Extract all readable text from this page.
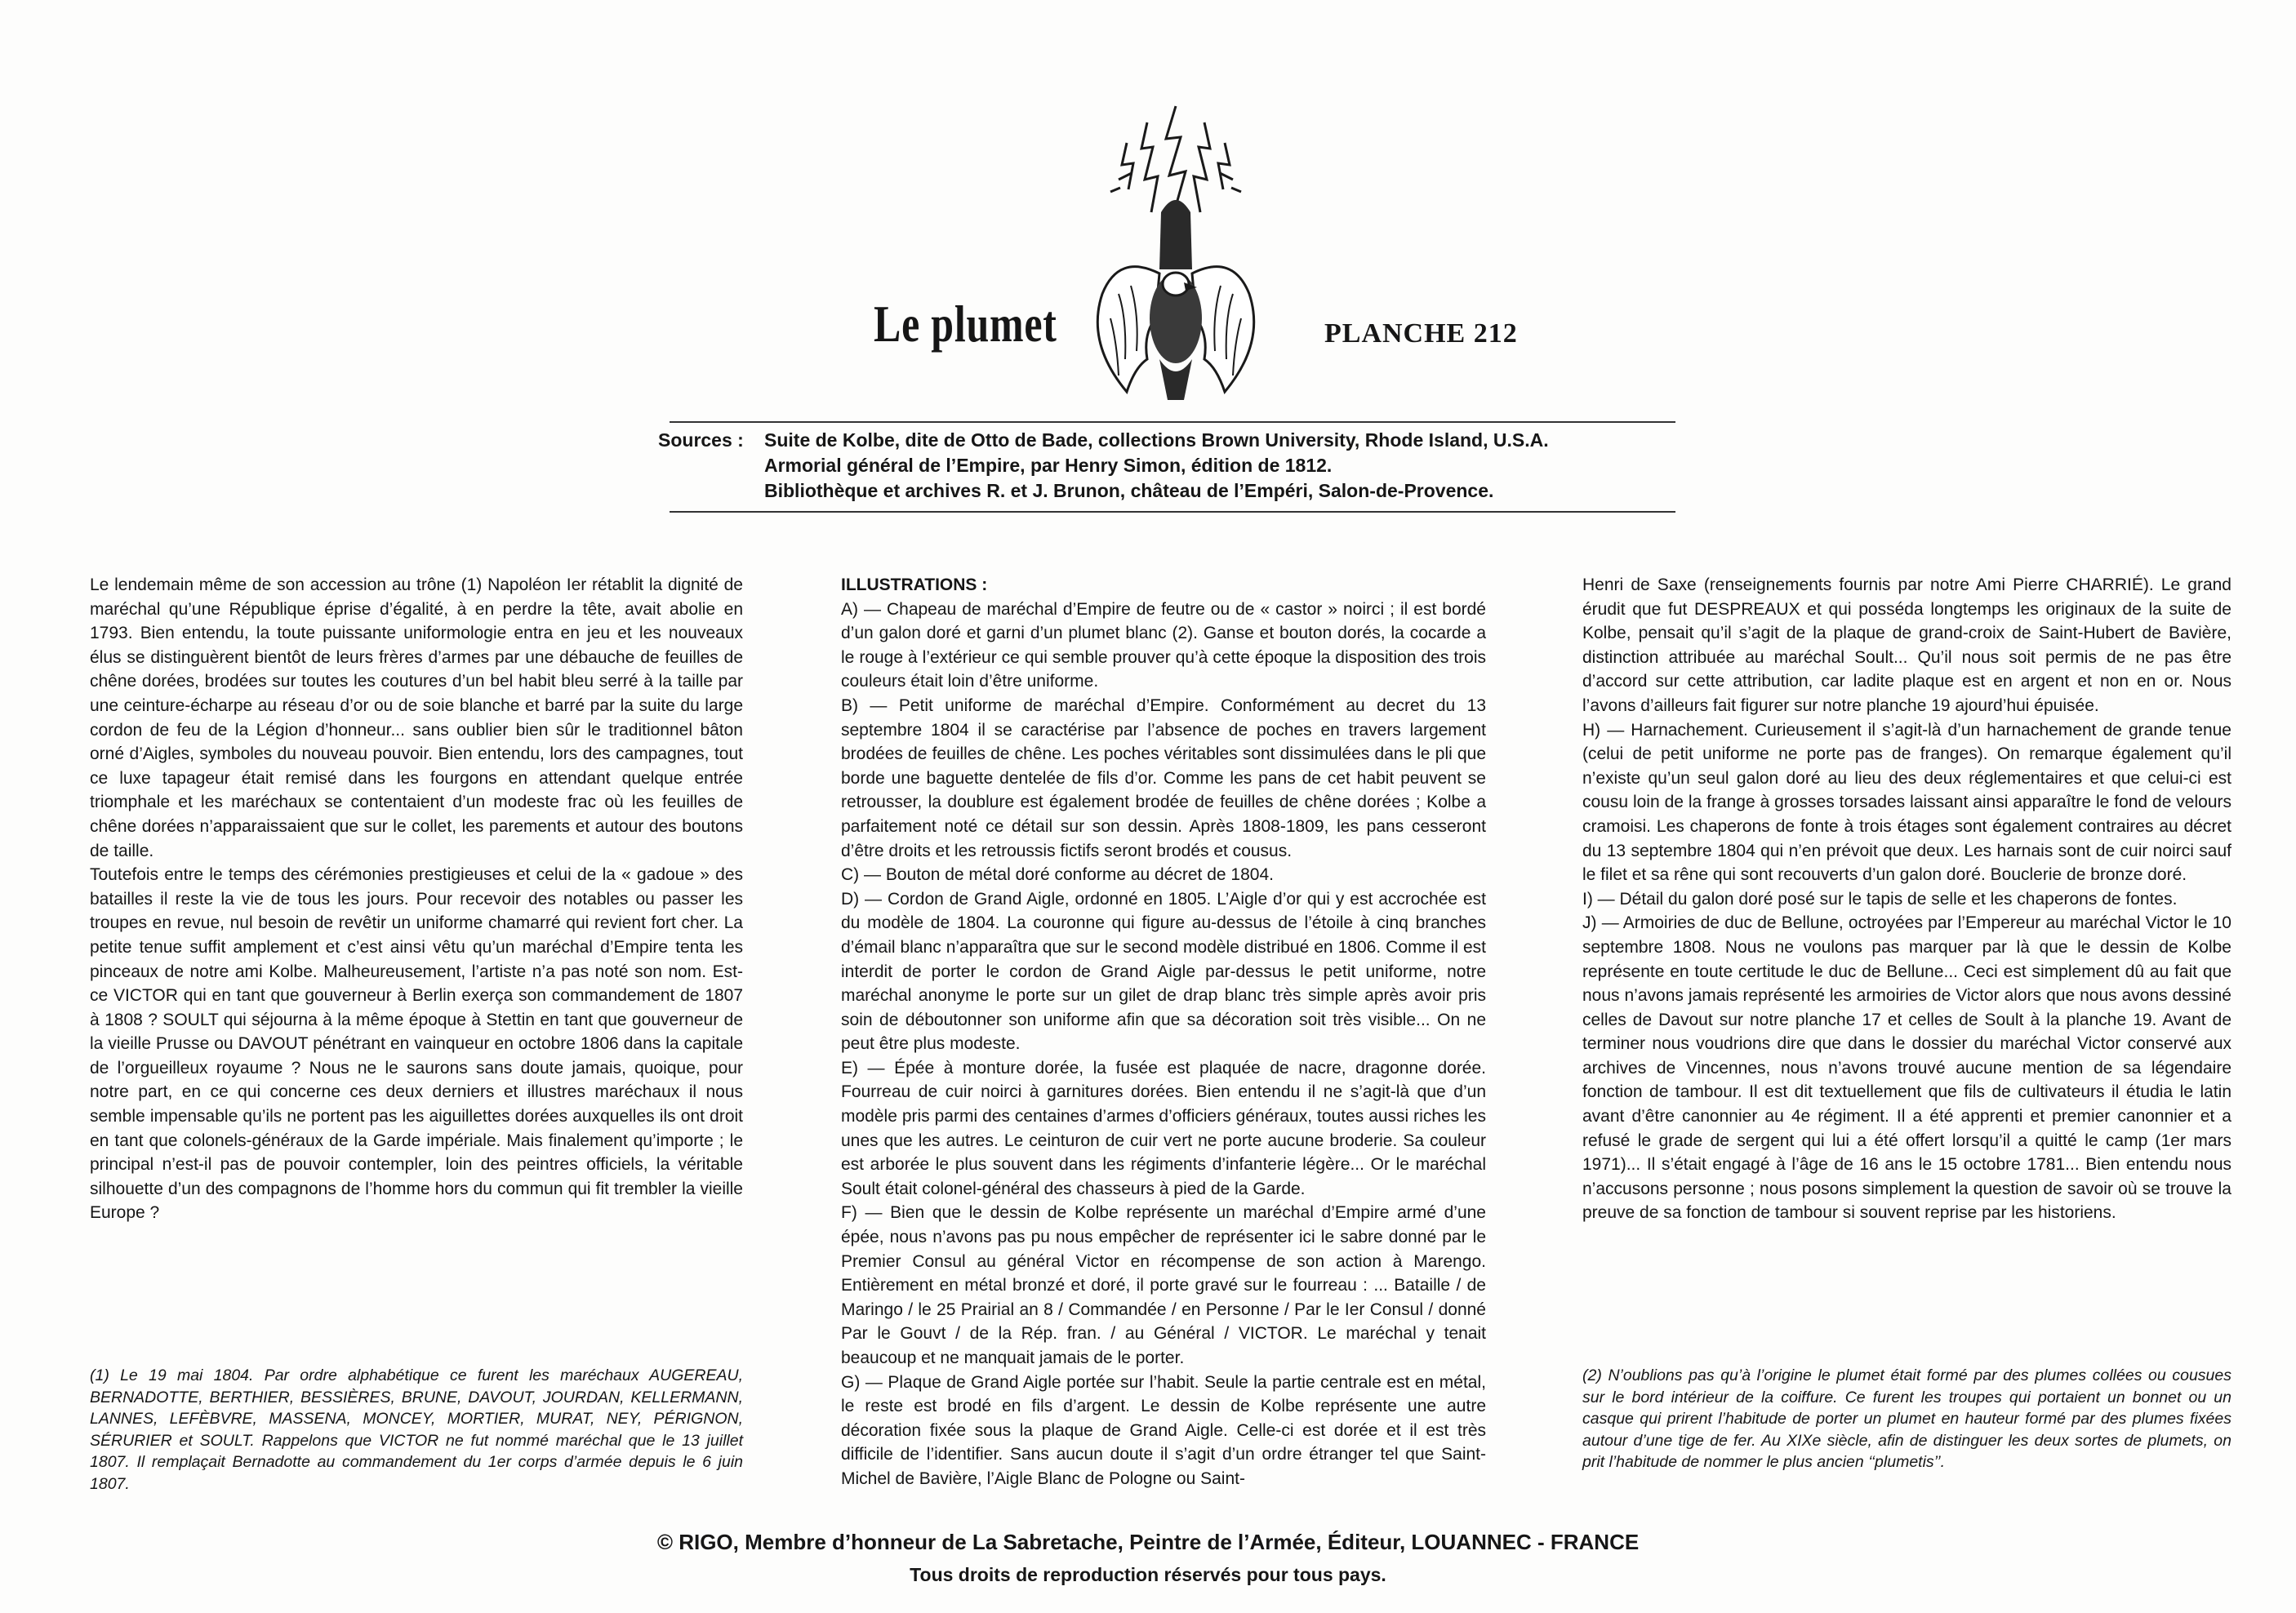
Le plumet	PLANCHE 212
Sources :	Suite de Kolbe, dite de Otto de Bade, collections Brown University, Rhode Island, U.S.A.
Armorial général de l’Empire, par Henry Simon, édition de 1812.
Bibliothèque et archives R. et J. Brunon, château de l’Empéri, Salon-de-Provence.

Le lendemain même de son accession au trône (1) Napoléon Ier rétablit la dignité de maréchal qu’une République éprise d’égalité, à en perdre la tête, avait abolie en 1793. Bien entendu, la toute puissante uniformologie entra en jeu et les nouveaux élus se distinguèrent bientôt de leurs frères d’armes par une débauche de feuilles de chêne dorées, brodées sur toutes les coutures d’un bel habit bleu serré à la taille par une ceinture-écharpe au réseau d’or ou de soie blanche et barré par la suite du large cordon de feu de la Légion d’honneur... sans oublier bien sûr le traditionnel bâton orné d’Aigles, symboles du nouveau pouvoir. Bien entendu, lors des campagnes, tout ce luxe tapageur était remisé dans les fourgons en attendant quelque entrée triomphale et les maréchaux se contentaient d’un modeste frac où les feuilles de chêne dorées n’apparaissaient que sur le collet, les parements et autour des boutons de taille.

Toutefois entre le temps des cérémonies prestigieuses et celui de la « gadoue » des batailles il reste la vie de tous les jours. Pour recevoir des notables ou passer les troupes en revue, nul besoin de revêtir un uniforme chamarré qui revient fort cher. La petite tenue suffit amplement et c’est ainsi vêtu qu’un maréchal d’Empire tenta les pinceaux de notre ami Kolbe. Malheureusement, l’artiste n’a pas noté son nom. Est-ce VICTOR qui en tant que gouverneur à Berlin exerça son commandement de 1807 à 1808 ? SOULT qui séjourna à la même époque à Stettin en tant que gouverneur de la vieille Prusse ou DAVOUT pénétrant en vainqueur en octobre 1806 dans la capitale de l’orgueilleux royaume ? Nous ne le saurons sans doute jamais, quoique, pour notre part, en ce qui concerne ces deux derniers et illustres maréchaux il nous semble impensable qu’ils ne portent pas les aiguillettes dorées auxquelles ils ont droit en tant que colonels-généraux de la Garde impériale. Mais finalement qu’importe ; le principal n’est-il pas de pouvoir contempler, loin des peintres officiels, la véritable silhouette d’un des compagnons de l’homme hors du commun qui fit trembler la vieille Europe ?

(1) Le 19 mai 1804. Par ordre alphabétique ce furent les maréchaux AUGEREAU, BERNADOTTE, BERTHIER, BESSIÈRES, BRUNE, DAVOUT, JOURDAN, KELLERMANN, LANNES, LEFÈBVRE, MASSENA, MONCEY, MORTIER, MURAT, NEY, PÉRIGNON, SÉRURIER et SOULT. Rappelons que VICTOR ne fut nommé maréchal que le 13 juillet 1807. Il remplaçait Bernadotte au commandement du 1er corps d’armée depuis le 6 juin 1807.

ILLUSTRATIONS :

A) — Chapeau de maréchal d’Empire de feutre ou de « castor » noirci ; il est bordé d’un galon doré et garni d’un plumet blanc (2). Ganse et bouton dorés, la cocarde a le rouge à l’extérieur ce qui semble prouver qu’à cette époque la disposition des trois couleurs était loin d’être uniforme.

B) — Petit uniforme de maréchal d’Empire. Conformément au decret du 13 septembre 1804 il se caractérise par l’absence de poches en travers largement brodées de feuilles de chêne. Les poches véritables sont dissimulées dans le pli que borde une baguette dentelée de fils d’or. Comme les pans de cet habit peuvent se retrousser, la doublure est également brodée de feuilles de chêne dorées ; Kolbe a parfaitement noté ce détail sur son dessin. Après 1808-1809, les pans cesseront d’être droits et les retroussis fictifs seront brodés et cousus.

C) — Bouton de métal doré conforme au décret de 1804.

D) — Cordon de Grand Aigle, ordonné en 1805. L’Aigle d’or qui y est accrochée est du modèle de 1804. La couronne qui figure au-dessus de l’étoile à cinq branches d’émail blanc n’apparaîtra que sur le second modèle distribué en 1806. Comme il est interdit de porter le cordon de Grand Aigle par-dessus le petit uniforme, notre maréchal anonyme le porte sur un gilet de drap blanc très simple après avoir pris soin de déboutonner son uniforme afin que sa décoration soit très visible... On ne peut être plus modeste.

E) — Épée à monture dorée, la fusée est plaquée de nacre, dragonne dorée. Fourreau de cuir noirci à garnitures dorées. Bien entendu il ne s’agit-là que d’un modèle pris parmi des centaines d’armes d’officiers généraux, toutes aussi riches les unes que les autres. Le ceinturon de cuir vert ne porte aucune broderie. Sa couleur est arborée le plus souvent dans les régiments d’infanterie légère... Or le maréchal Soult était colonel-général des chasseurs à pied de la Garde.

F) — Bien que le dessin de Kolbe représente un maréchal d’Empire armé d’une épée, nous n’avons pas pu nous empêcher de représenter ici le sabre donné par le Premier Consul au général Victor en récompense de son action à Marengo. Entièrement en métal bronzé et doré, il porte gravé sur le fourreau : ... Bataille / de Maringo / le 25 Prairial an 8 / Commandée / en Personne / Par le Ier Consul / donné Par le Gouvt / de la Rép. fran. / au Général / VICTOR. Le maréchal y tenait beaucoup et ne manquait jamais de le porter.

G) — Plaque de Grand Aigle portée sur l’habit. Seule la partie centrale est en métal, le reste est brodé en fils d’argent. Le dessin de Kolbe représente une autre décoration fixée sous la plaque de Grand Aigle. Celle-ci est dorée et il est très difficile de l’identifier. Sans aucun doute il s’agit d’un ordre étranger tel que Saint-Michel de Bavière, l’Aigle Blanc de Pologne ou Saint-

Henri de Saxe (renseignements fournis par notre Ami Pierre CHARRIÉ). Le grand érudit que fut DESPREAUX et qui posséda longtemps les originaux de la suite de Kolbe, pensait qu’il s’agit de la plaque de grand-croix de Saint-Hubert de Bavière, distinction attribuée au maréchal Soult... Qu’il nous soit permis de ne pas être d’accord sur cette attribution, car ladite plaque est en argent et non en or. Nous l’avons d’ailleurs fait figurer sur notre planche 19 ajourd’hui épuisée.

H) — Harnachement. Curieusement il s’agit-là d’un harnachement de grande tenue (celui de petit uniforme ne porte pas de franges). On remarque également qu’il n’existe qu’un seul galon doré au lieu des deux réglementaires et que celui-ci est cousu loin de la frange à grosses torsades laissant ainsi apparaître le fond de velours cramoisi. Les chaperons de fonte à trois étages sont également contraires au décret du 13 septembre 1804 qui n’en prévoit que deux. Les harnais sont de cuir noirci sauf le filet et sa rêne qui sont recouverts d’un galon doré. Bouclerie de bronze doré.

I) — Détail du galon doré posé sur le tapis de selle et les chaperons de fontes.

J) — Armoiries de duc de Bellune, octroyées par l’Empereur au maréchal Victor le 10 septembre 1808. Nous ne voulons pas marquer par là que le dessin de Kolbe représente en toute certitude le duc de Bellune... Ceci est simplement dû au fait que nous n’avons jamais représenté les armoiries de Victor alors que nous avons dessiné celles de Davout sur notre planche 17 et celles de Soult à la planche 19. Avant de terminer nous voudrions dire que dans le dossier du maréchal Victor conservé aux archives de Vincennes, nous n’avons trouvé aucune mention de sa légendaire fonction de tambour. Il est dit textuellement que fils de cultivateurs il étudia le latin avant d’être canonnier au 4e régiment. Il a été apprenti et premier canonnier et a refusé le grade de sergent qui lui a été offert lorsqu’il a quitté le camp (1er mars 1971)... Il s’était engagé à l’âge de 16 ans le 15 octobre 1781... Bien entendu nous n’accusons personne ; nous posons simplement la question de savoir où se trouve la preuve de sa fonction de tambour si souvent reprise par les historiens.

(2) N’oublions pas qu’à l’origine le plumet était formé par des plumes collées ou cousues sur le bord intérieur de la coiffure. Ce furent les troupes qui portaient un bonnet ou un casque qui prirent l’habitude de porter un plumet en hauteur formé par des plumes fixées autour d’une tige de fer. Au XIXe siècle, afin de distinguer les deux sortes de plumets, on prit l’habitude de nommer le plus ancien ‘‘plumetis’’.
© RIGO, Membre d’honneur de La Sabretache, Peintre de l’Armée, Éditeur, LOUANNEC - FRANCE
Tous droits de reproduction réservés pour tous pays.
